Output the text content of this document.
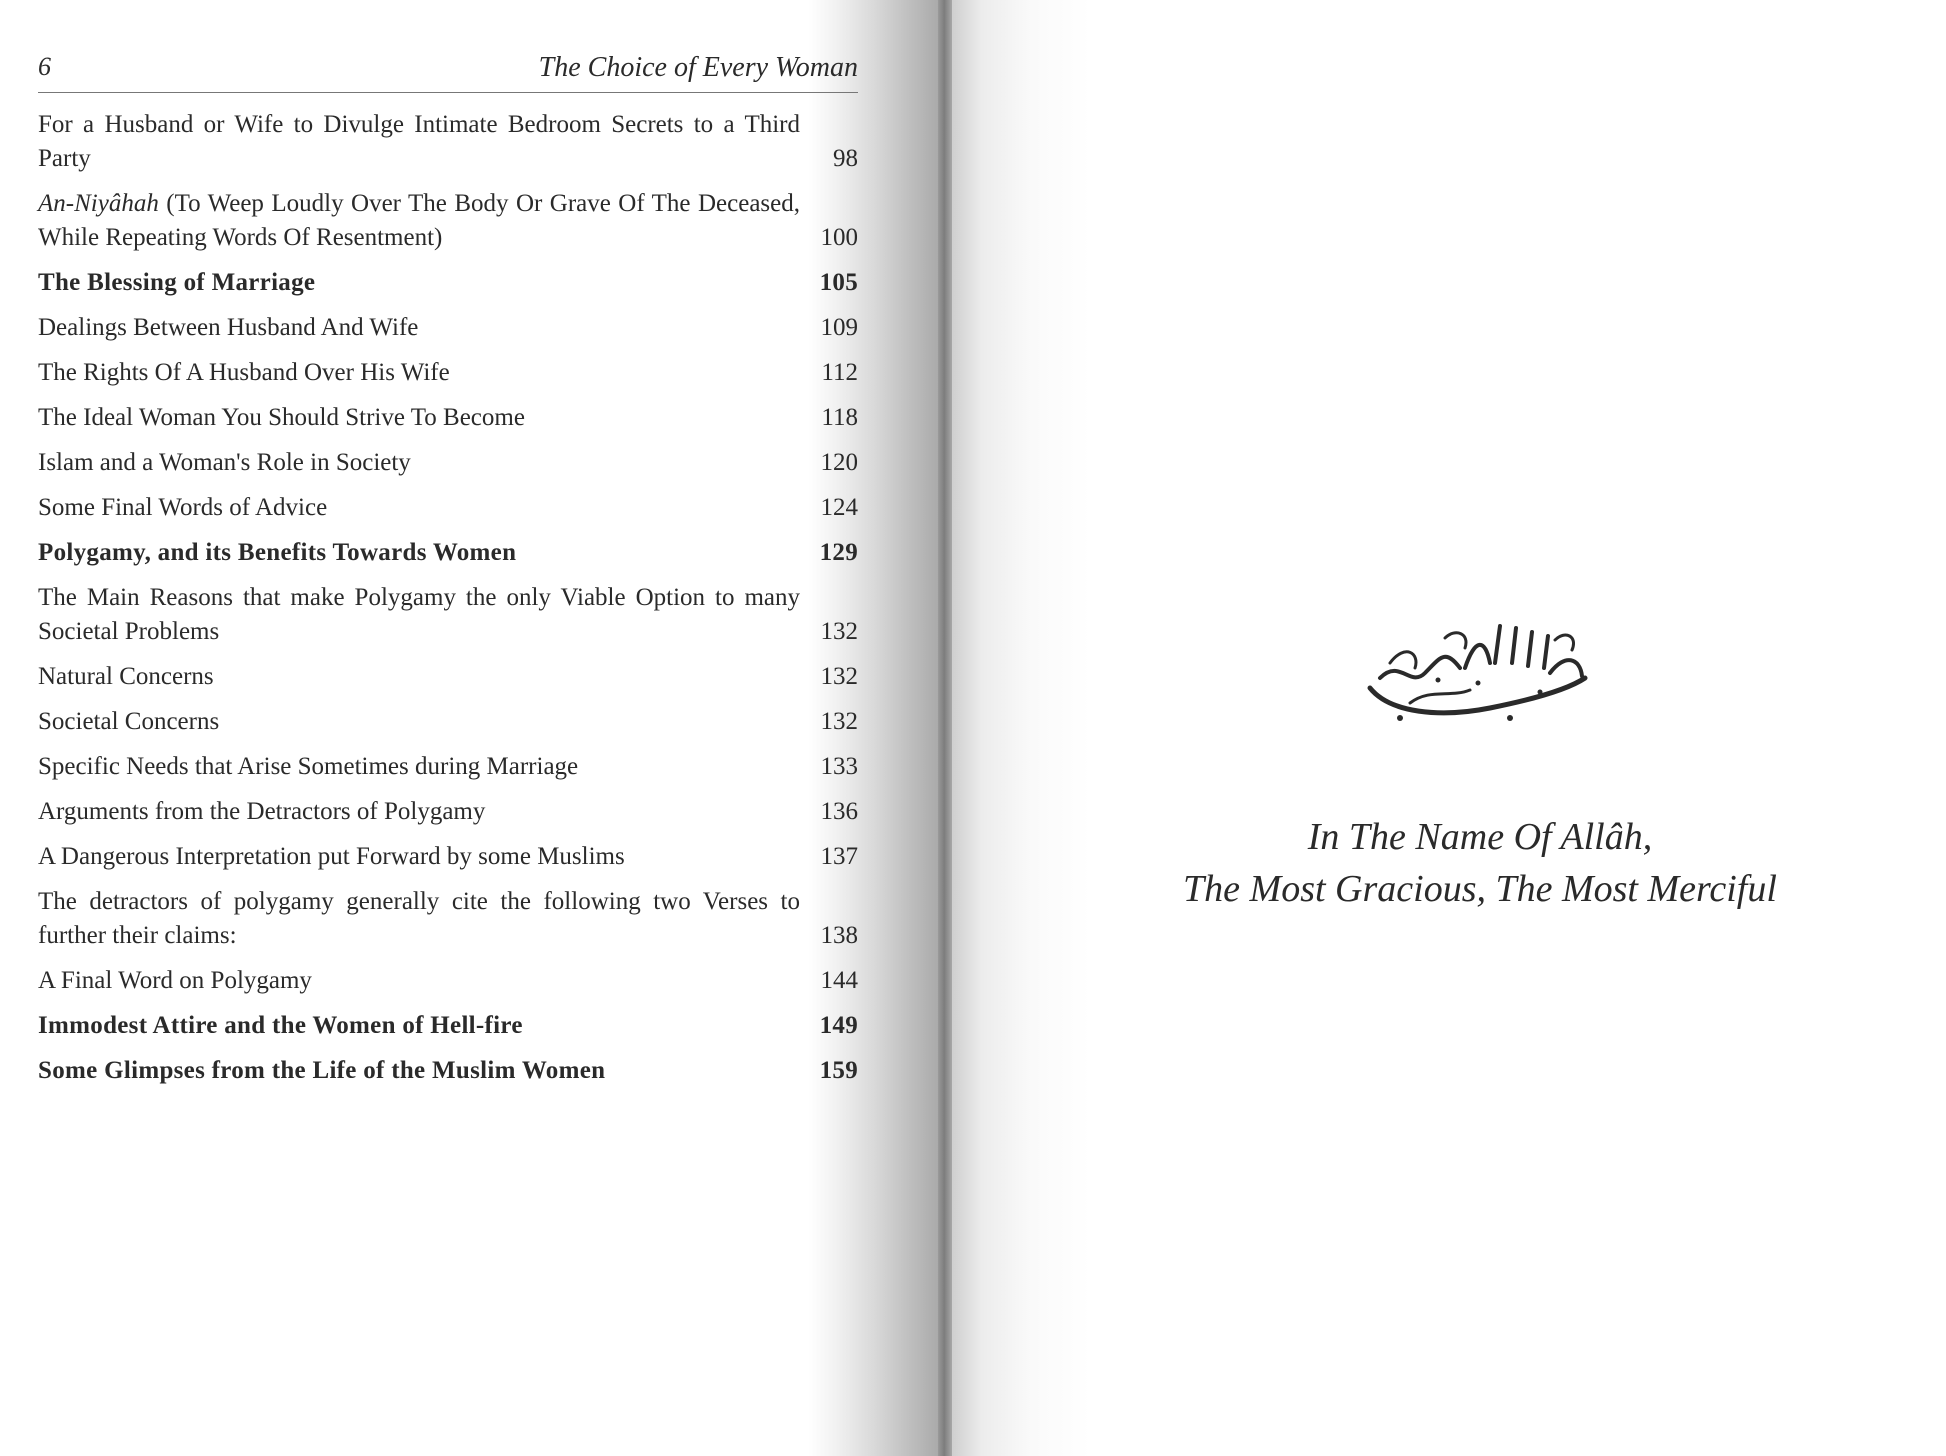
6	The Choice of Every Woman
For a Husband or Wife to Divulge Intimate Bedroom Secrets to a Third Party	98
An-Niyâhah (To Weep Loudly Over The Body Or Grave Of The Deceased, While Repeating Words Of Resentment)	100
The Blessing of Marriage	105
Dealings Between Husband And Wife	109
The Rights Of A Husband Over His Wife	112
The Ideal Woman You Should Strive To Become	118
Islam and a Woman's Role in Society	120
Some Final Words of Advice	124
Polygamy, and its Benefits Towards Women	129
The Main Reasons that make Polygamy the only Viable Option to many Societal Problems	132
Natural Concerns	132
Societal Concerns	132
Specific Needs that Arise Sometimes during Marriage	133
Arguments from the Detractors of Polygamy	136
A Dangerous Interpretation put Forward by some Muslims	137
The detractors of polygamy generally cite the following two Verses to further their claims:	138
A Final Word on Polygamy	144
Immodest Attire and the Women of Hell-fire	149
Some Glimpses from the Life of the Muslim Women	159
In The Name Of Allâh,
The Most Gracious, The Most Merciful
